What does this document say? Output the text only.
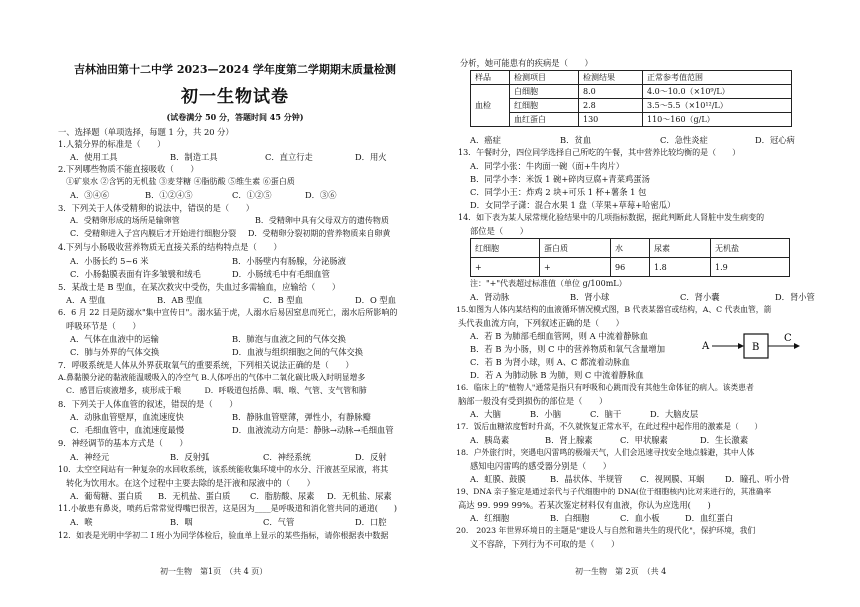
吉林油田第十二中学 2023—2024 学年度第二学期期末质量检测
初一生物试卷
(试卷满分 50 分，答题时间 45 分钟)
一、选择题（单项选择，每题 1 分，共 20 分）
1.人猿分界的标准是（　　）
A．使用工具	B．制造工具	C．直立行走	D．用火
2.下列哪些物质不能直接吸收（　　）
①矿泉水 ②含钙的无机盐 ③麦芽糖 ④脂肪酸 ⑤维生素 ⑥蛋白质
A．③④⑥	B．①②④⑤	C．①②⑤	D．③⑥
3．下列关于人体受精卵的说法中，错误的是（　　）
A．受精卵形成的场所是输卵管	B．受精卵中具有父母双方的遗传物质
C．受精卵进入子宫内膜后才开始进行细胞分裂 D．受精卵分裂初期的营养物质来自卵黄
4.下列与小肠吸收营养物质无直接关系的结构特点是（　　）
A．小肠长约 5~6 米	B．小肠壁内有肠腺，分泌肠液
C．小肠黏膜表面有许多皱襞和绒毛	D．小肠绒毛中有毛细血管
5．某战士是 B 型血，在某次救灾中受伤，失血过多需输血，应输给（　　）
A．A 型血	B．AB 型血	C．B 型血	D．O 型血
6．6 月 22 日是防溺水"集中宣传日"。溺水猛于虎，人溺水后易因窒息而死亡，溺水后所影响的
呼吸环节是（　　）
A．气体在血液中的运输	B．肺泡与血液之间的气体交换
C．肺与外界的气体交换	D．血液与组织细胞之间的气体交换
7．呼吸系统是人体从外界获取氧气的重要系统，下列相关说法正确的是（　　）
A.鼻黏膜分泌的黏液能温暖吸入的冷空气 B.人体呼出的气体中二氧化碳比吸入时明显增多
C．感冒后痰液增多，痰形成于喉　　　D．呼吸道包括鼻、咽、喉、气管、支气管和肺
8．下列关于人体血管的叙述，错误的是（　　）
A．动脉血管壁厚，血流速度快	B．静脉血管壁薄，弹性小，有静脉瓣
C．毛细血管中，血流速度最慢	D．血液流动方向是：静脉→动脉→毛细血管
9．神经调节的基本方式是（　　）
A．神经元	B．反射弧	C．神经系统	D．反射
10．太空空间站有一种复杂的水回收系统，该系统能收集环境中的水分、汗液甚至尿液，将其
转化为饮用水。在这个过程中主要去除的是汗液和尿液中的（　　）
A．葡萄糖、蛋白质 B．无机盐、蛋白质 C．脂肪酸、尿素 D．无机盐、尿素
11.小敏患有鼻炎，喷药后常常觉得嘴巴很苦，这是因为____是呼吸道和消化管共同的通道(　　)
A．喉	B．咽	C．气管	D．口腔
12．如表是光明中学初二 I 班小为同学体检后，验血单上显示的某些指标，请你根据表中数据
初一生物　第1页　（共 4 页）
分析，她可能患有的疾病是（　　）
样品	检测项目	检测结果	正常参考值范围
血检	白细胞	8.0	4.0～10.0（×10⁹/L）
	红细胞	2.8	3.5～5.5（×10¹²/L）
	血红蛋白	130	110～160（g/L）
A．癌症	B．贫血	C．急性炎症	D．冠心病
13．午餐时分，四位同学选择自己所吃的午餐，其中营养比较均衡的是（　　）
A．同学小张：牛肉面一碗（面+牛肉片）
B．同学小李：米饭 1 碗+碎肉豆腐+青菜鸡蛋汤
C．同学小王：炸鸡 2 块+可乐 1 杯+薯条 1 包
D．女同学子潇：混合水果 1 盘（苹果+草莓+哈密瓜）
14．如下表为某人尿常规化验结果中的几项指标数据，据此判断此人肾脏中发生病变的
部位是（　　）
红细胞	蛋白质	水	尿素	无机盐
+	+	96	1.8	1.9
注："+"代表超过标准值（单位 g/100mL）
A．肾动脉	B．肾小球	C．肾小囊	D．肾小管
15.如图为人体内某结构的血液循环情况模式图，B 代表某器官或结构，A、C 代表血管，箭
头代表血流方向，下列叙述正确的是（　　）
A．若 B 为肺部毛细血管网，则 A 中流着静脉血
B．若 B 为小肠，则 C 中的营养物质和氧气含量增加
C．若 B 为肾小球，则 A、C 都流着动脉血
D．若 A 为肺动脉 B 为肺，则 C 中流着静脉血
A	B
C
16．临床上的"植物人"通常是指只有呼吸和心跳而没有其他生命体征的病人。该类患者
脑部一般没有受到损伤的部位是（　　）
A．大脑	B．小脑	C．脑干	D．大脑皮层
17．饭后血糖浓度暂时升高，不久就恢复正常水平，在此过程中起作用的激素是（　　）
A．胰岛素	B．肾上腺素	C．甲状腺素	D．生长激素
18．户外旅行时，突遇电闪雷鸣的极端天气，人们会迅速寻找安全地点躲避，其中人体
感知电闪雷鸣的感受器分别是（　　）
A．虹膜、鼓膜	B．晶状体、半规管 C．视网膜、耳蜗 D．瞳孔、听小骨
19、DNA 亲子鉴定是通过亲代与子代细胞中的 DNA(位于细胞核内)比对来进行的，其准确率
高达 99. 999 99%。若某次鉴定材料仅有血液，你认为应选用(　　)
A．红细胞	B．白细胞	C．血小板	D．血红蛋白
20.　2023 年世界环境日的主题是"建设人与自然和谐共生的现代化"，保护环境，我们
义不容辞，下列行为不可取的是（　　）
初一生物　第 2页　（共 4
